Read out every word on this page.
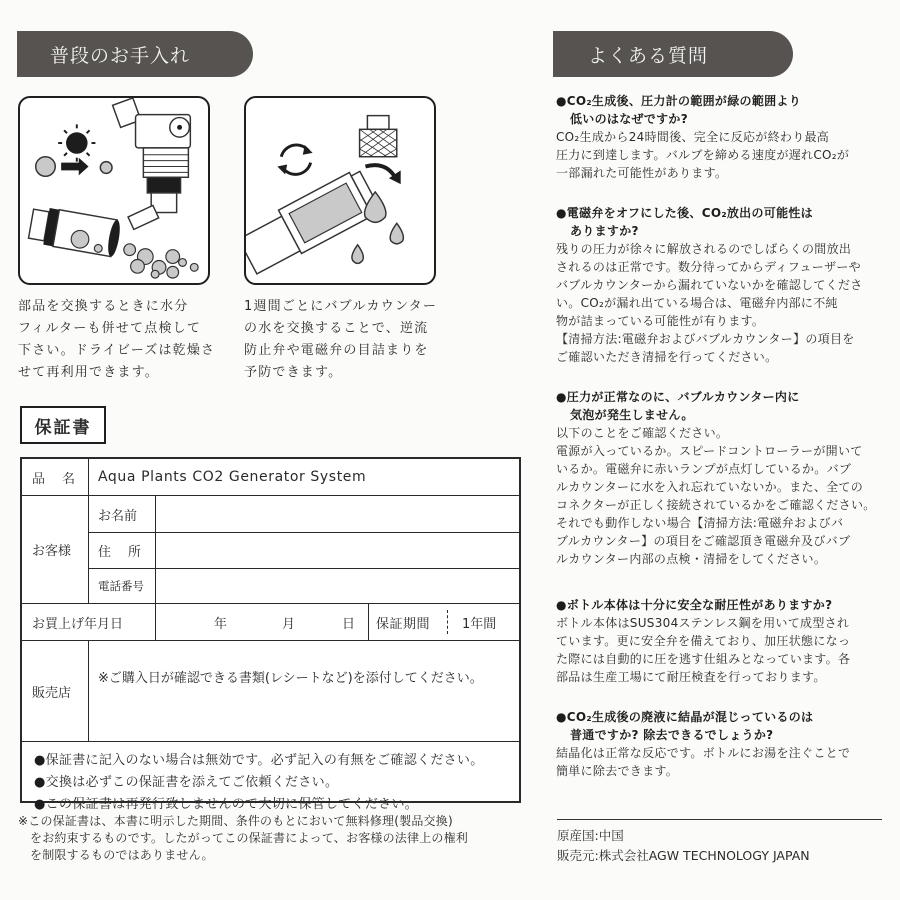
普段のお手入れ
部品を交換するときに水分
フィルターも併せて点検して
下さい。ドライビーズは乾燥さ
せて再利用できます。
1週間ごとにバブルカウンター
の水を交換することで、逆流
防止弁や電磁弁の目詰まりを
予防できます。
保証書
品　名	Aqua Plants CO2 Generator System
お客様
お名前
住　所
電話番号
お買上げ年月日	年	月	日 保証期間 1年間
販売店
※ご購入日が確認できる書類(レシートなど)を添付してください。
●保証書に記入のない場合は無効です。必ず記入の有無をご確認ください。
●交換は必ずこの保証書を添えてご依頼ください。
●この保証書は再発行致しませんので大切に保管してください。
※この保証書は、本書に明示した期間、条件のもとにおいて無料修理(製品交換)
をお約束するものです。したがってこの保証書によって、お客様の法律上の権利
を制限するものではありません。
よくある質問
●CO₂生成後、圧力計の範囲が緑の範囲より
低いのはなぜですか?
CO₂生成から24時間後、完全に反応が終わり最高
圧力に到達します。バルブを締める速度が遅れCO₂が
一部漏れた可能性があります。
●電磁弁をオフにした後、CO₂放出の可能性は
ありますか?
残りの圧力が徐々に解放されるのでしばらくの間放出
されるのは正常です。数分待ってからディフューザーや
バブルカウンターから漏れていないかを確認してくださ
い。CO₂が漏れ出ている場合は、電磁弁内部に不純
物が詰まっている可能性が有ります。
【清掃方法:電磁弁およびバブルカウンター】の項目を
ご確認いただき清掃を行ってください。
●圧力が正常なのに、バブルカウンター内に
気泡が発生しません。
以下のことをご確認ください。
電源が入っているか。スピードコントローラーが開いて
いるか。電磁弁に赤いランプが点灯しているか。バブ
ルカウンターに水を入れ忘れていないか。また、全ての
コネクターが正しく接続されているかをご確認ください。
それでも動作しない場合【清掃方法:電磁弁およびバ
ブルカウンター】の項目をご確認頂き電磁弁及びバブ
ルカウンター内部の点検・清掃をしてください。
●ボトル本体は十分に安全な耐圧性がありますか?
ボトル本体はSUS304ステンレス鋼を用いて成型され
ています。更に安全弁を備えており、加圧状態になっ
た際には自動的に圧を逃す仕組みとなっています。各
部品は生産工場にて耐圧検査を行っております。
●CO₂生成後の廃液に結晶が混じっているのは
普通ですか? 除去できるでしょうか?
結晶化は正常な反応です。ボトルにお湯を注ぐことで
簡単に除去できます。
原産国:中国
販売元:株式会社AGW TECHNOLOGY JAPAN
